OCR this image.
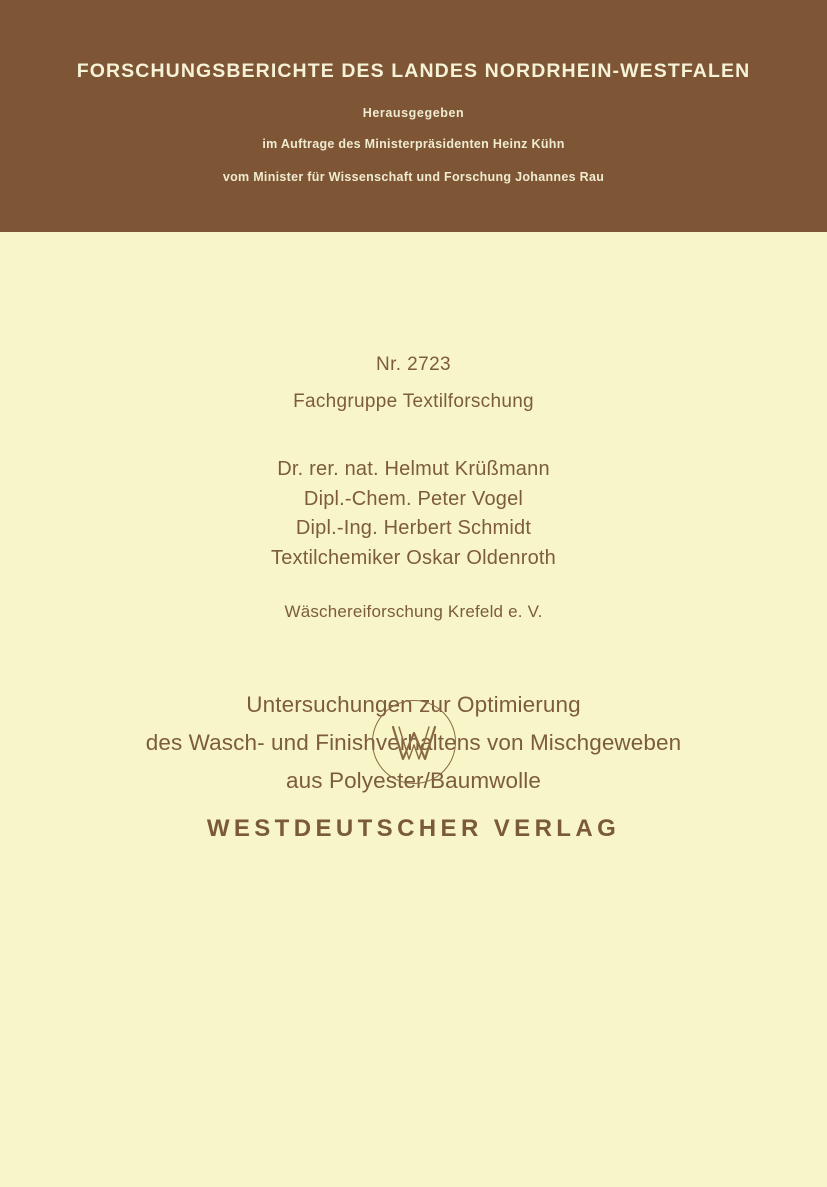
FORSCHUNGSBERICHTE DES LANDES NORDRHEIN-WESTFALEN
Herausgegeben
im Auftrage des Ministerpräsidenten Heinz Kühn
vom Minister für Wissenschaft und Forschung Johannes Rau
Nr. 2723
Fachgruppe Textilforschung
Dr. rer. nat. Helmut Krüßmann
Dipl.-Chem. Peter Vogel
Dipl.-Ing. Herbert Schmidt
Textilchemiker Oskar Oldenroth
Wäschereiforschung Krefeld e. V.
Untersuchungen zur Optimierung
des Wasch- und Finishverhaltens von Mischgeweben
aus Polyester/Baumwolle
WESTDEUTSCHER VERLAG
